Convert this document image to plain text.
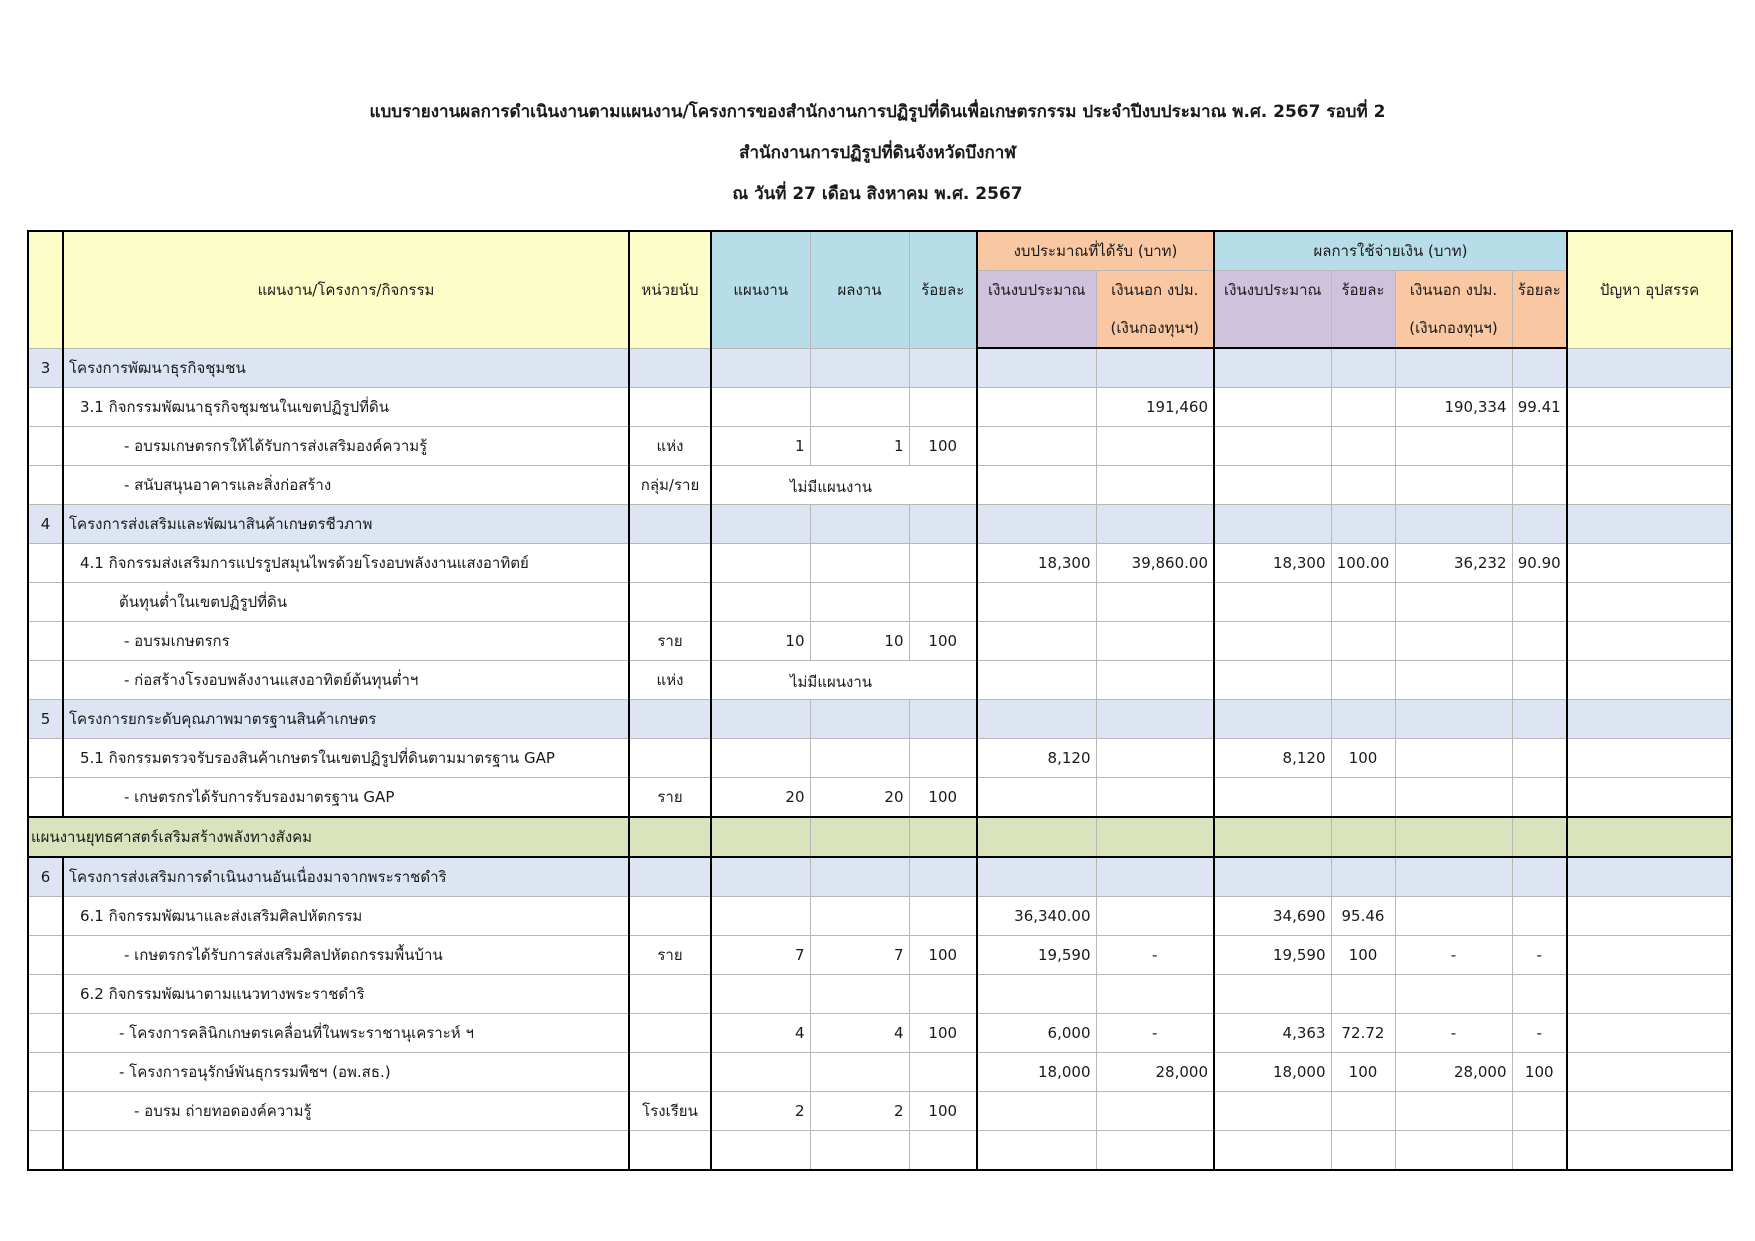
แบบรายงานผลการดำเนินงานตามแผนงาน/โครงการของสำนักงานการปฏิรูปที่ดินเพื่อเกษตรกรรม ประจำปีงบประมาณ พ.ศ. 2567 รอบที่ 2
สำนักงานการปฏิรูปที่ดินจังหวัดบึงกาฬ
ณ วันที่ 27 เดือน สิงหาคม พ.ศ. 2567
	แผนงาน/โครงการ/กิจกรรม	หน่วยนับ	แผนงาน	ผลงาน	ร้อยละ	งบประมาณที่ได้รับ (บาท)		ผลการใช้จ่ายเงิน (บาท)				ปัญหา อุปสรรค
						เงินงบประมาณ	เงินนอก งปม.	เงินงบประมาณ	ร้อยละ	เงินนอก งปม.	ร้อยละ	
							(เงินกองทุนฯ)			(เงินกองทุนฯ)		
3	โครงการพัฒนาธุรกิจชุมชน											
	3.1 กิจกรรมพัฒนาธุรกิจชุมชนในเขตปฏิรูปที่ดิน						191,460			190,334	99.41	
	- อบรมเกษตรกรให้ได้รับการส่งเสริมองค์ความรู้	แห่ง	1	1	100							
	- สนับสนุนอาคารและสิ่งก่อสร้าง	กลุ่ม/ราย	ไม่มีแผนงาน									

4	โครงการส่งเสริมและพัฒนาสินค้าเกษตรชีวภาพ											
	4.1 กิจกรรมส่งเสริมการแปรรูปสมุนไพรด้วยโรงอบพลังงานแสงอาทิตย์					18,300	39,860.00	18,300	100.00	36,232	90.90	
	ต้นทุนต่ำในเขตปฏิรูปที่ดิน											
	- อบรมเกษตรกร	ราย	10	10	100							
	- ก่อสร้างโรงอบพลังงานแสงอาทิตย์ต้นทุนต่ำฯ	แห่ง	ไม่มีแผนงาน									

5	โครงการยกระดับคุณภาพมาตรฐานสินค้าเกษตร											
	5.1 กิจกรรมตรวจรับรองสินค้าเกษตรในเขตปฏิรูปที่ดินตามมาตรฐาน GAP					8,120		8,120	100			
	- เกษตรกรได้รับการรับรองมาตรฐาน GAP	ราย	20	20	100							
แผนงานยุทธศาสตร์เสริมสร้างพลังทางสังคม												
6	โครงการส่งเสริมการดำเนินงานอันเนื่องมาจากพระราชดำริ											
	6.1 กิจกรรมพัฒนาและส่งเสริมศิลปหัตกรรม					36,340.00		34,690	95.46			
	- เกษตรกรได้รับการส่งเสริมศิลปหัตถกรรมพื้นบ้าน	ราย	7	7	100	19,590	-	19,590	100	-	-	
	6.2 กิจกรรมพัฒนาตามแนวทางพระราชดำริ											
	- โครงการคลินิกเกษตรเคลื่อนที่ในพระราชานุเคราะห์ ฯ		4	4	100	6,000	-	4,363	72.72	-	-	
	- โครงการอนุรักษ์พันธุกรรมพืชฯ (อพ.สธ.)					18,000	28,000	18,000	100	28,000	100	
	- อบรม ถ่ายทอดองค์ความรู้	โรงเรียน	2	2	100							
